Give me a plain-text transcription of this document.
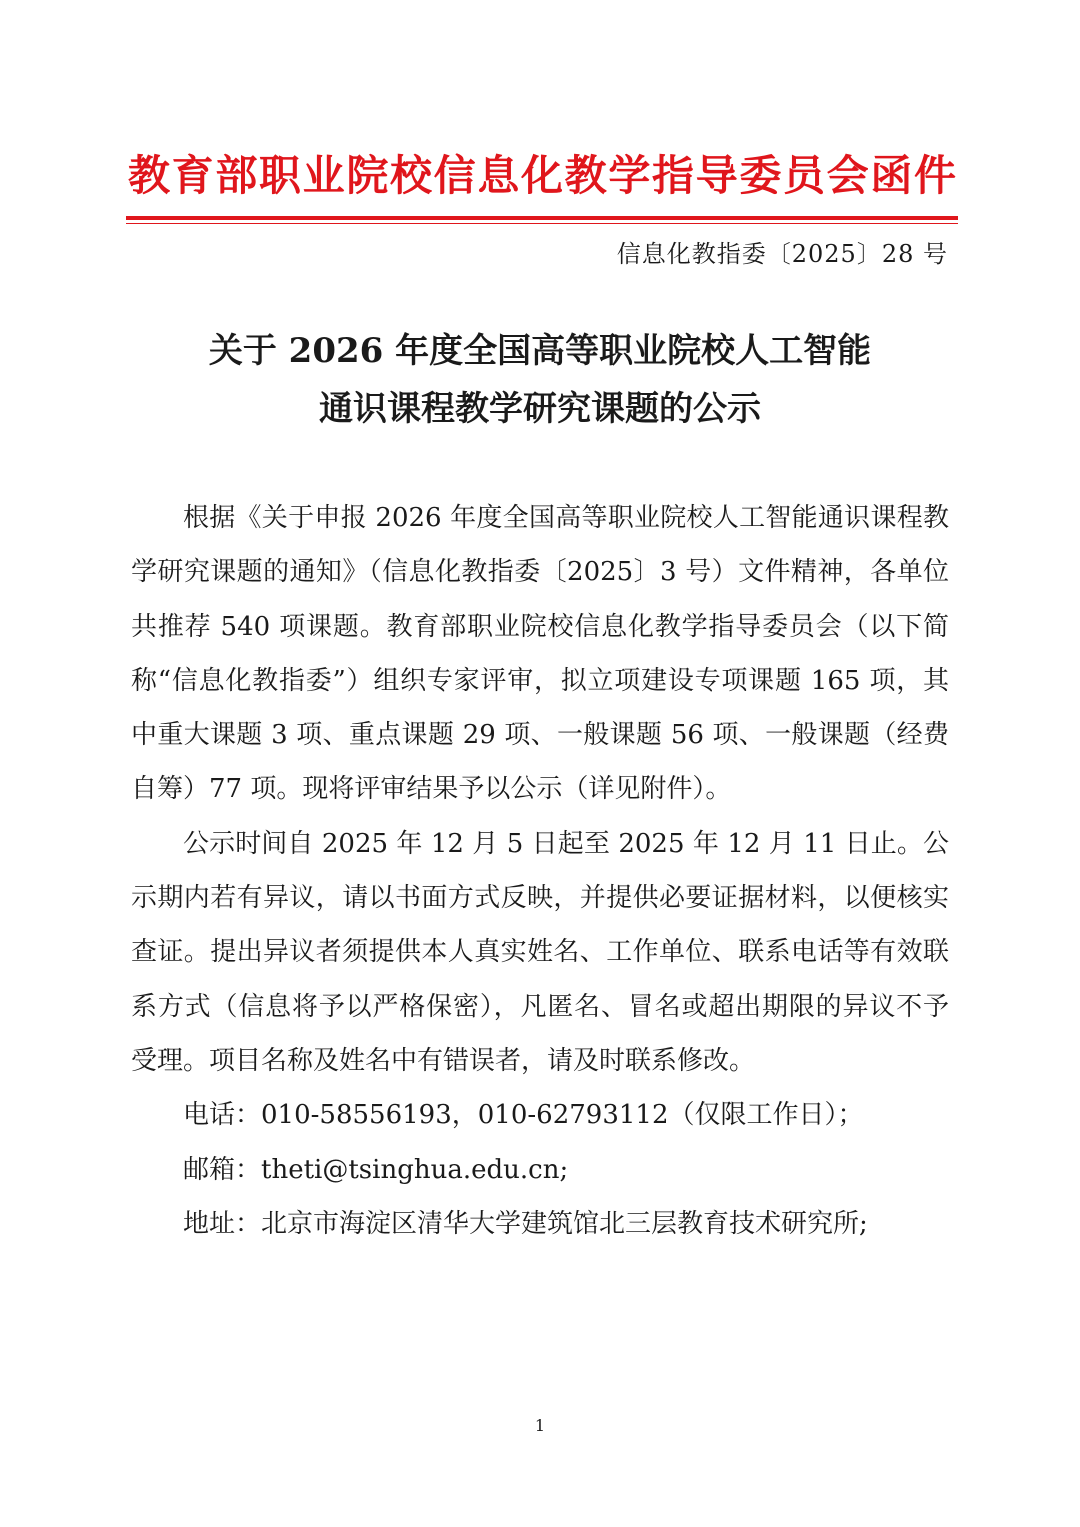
教育部职业院校信息化教学指导委员会函件
信息化教指委〔2025〕28 号
关于 2026 年度全国高等职业院校人工智能
通识课程教学研究课题的公示

根据《关于申报 2026 年度全国高等职业院校人工智能通识课程教学研究课题的通知》（信息化教指委〔2025〕3 号）文件精神，各单位共推荐 540 项课题。教育部职业院校信息化教学指导委员会（以下简称“信息化教指委”）组织专家评审，拟立项建设专项课题 165 项，其中重大课题 3 项、重点课题 29 项、一般课题 56 项、一般课题（经费自筹）77 项。现将评审结果予以公示（详见附件）。

公示时间自 2025 年 12 月 5 日起至 2025 年 12 月 11 日止。公示期内若有异议，请以书面方式反映，并提供必要证据材料，以便核实查证。提出异议者须提供本人真实姓名、工作单位、联系电话等有效联系方式（信息将予以严格保密），凡匿名、冒名或超出期限的异议不予受理。项目名称及姓名中有错误者，请及时联系修改。

电话：010-58556193，010-62793112（仅限工作日）；

邮箱：theti@tsinghua.edu.cn;

地址：北京市海淀区清华大学建筑馆北三层教育技术研究所;

1
